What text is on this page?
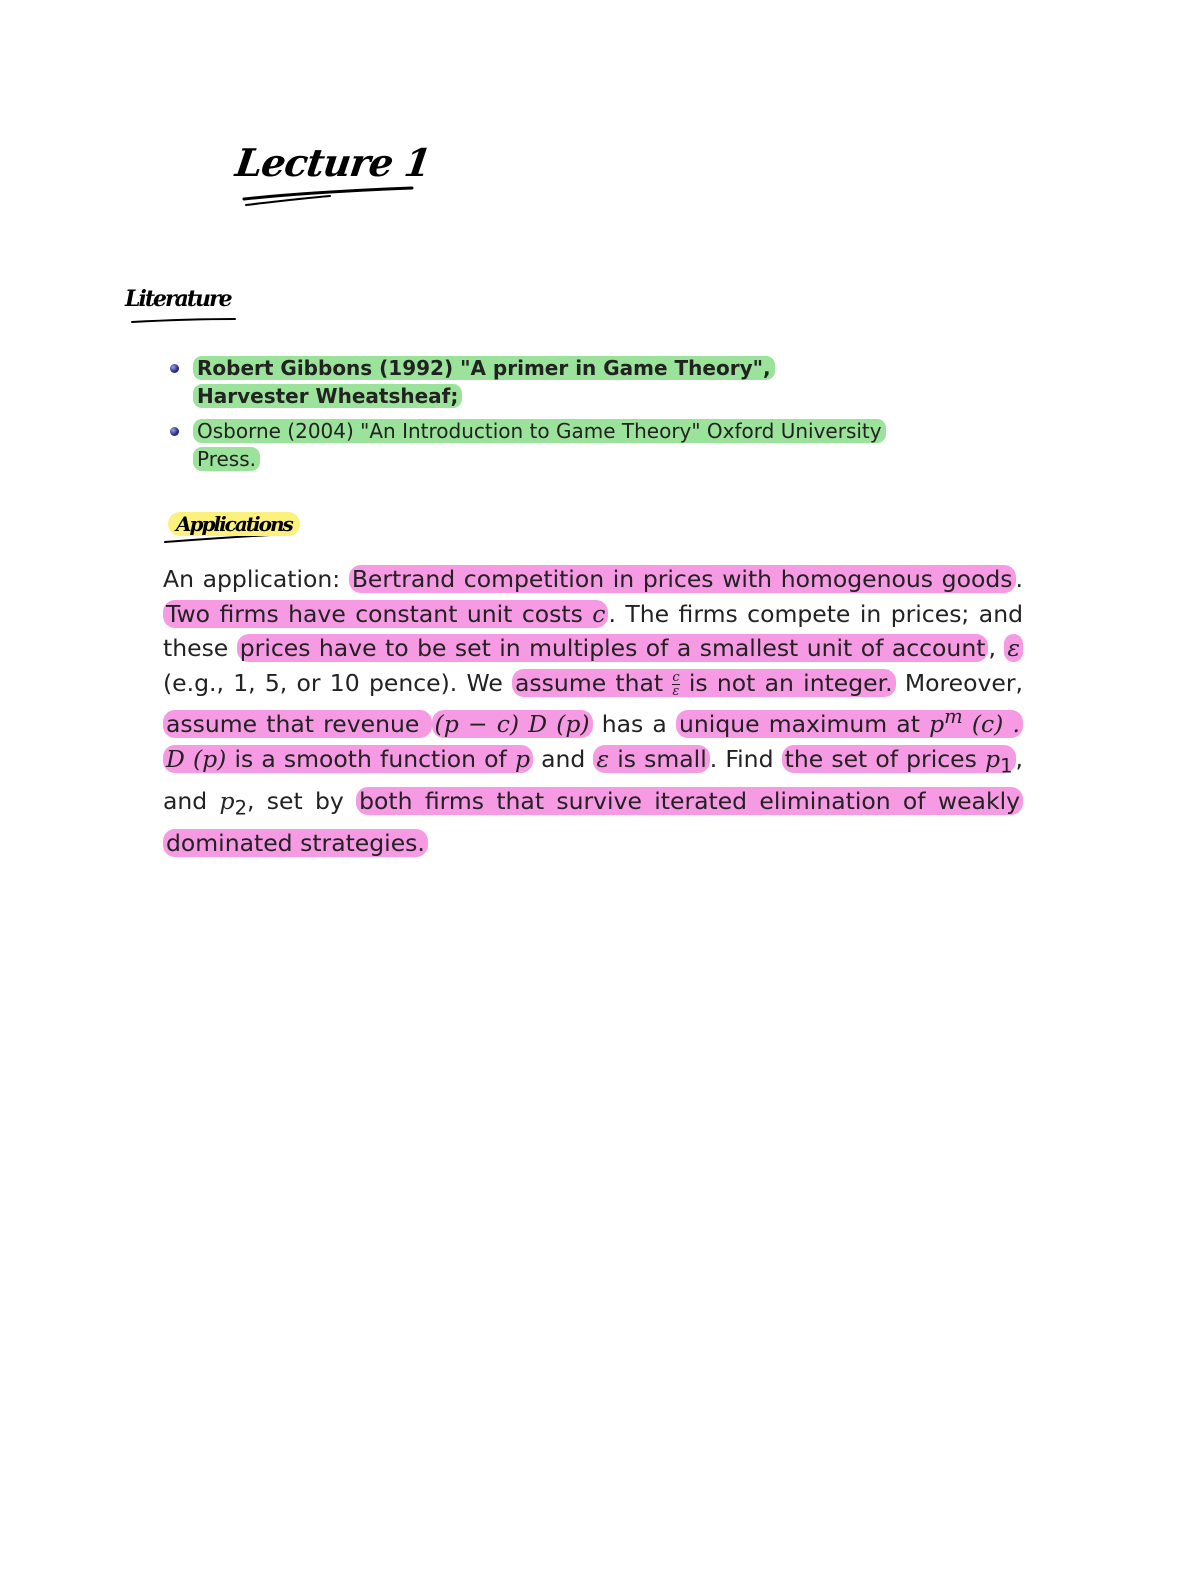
Lecture 1
Literature
Robert Gibbons (1992) "A primer in Game Theory", Harvester Wheatsheaf;
Osborne (2004) "An Introduction to Game Theory" Oxford University Press.
Applications

An application: Bertrand competition in prices with homogenous goods . Two firms have constant unit costs c . The firms compete in prices; and these prices have to be set in multiples of a smallest unit of account , ε (e.g., 1, 5, or 10 pence). We assume that $\frac{c}{\varepsilon}$ is not an integer. Moreover, assume that revenue (p − c) D (p) has a unique maximum at $p^m$ (c) . D (p) is a smooth function of p and ε is small . Find the set of prices $p_1$ , and $p_2$, set by both firms that survive iterated elimination of weakly dominated strategies.
